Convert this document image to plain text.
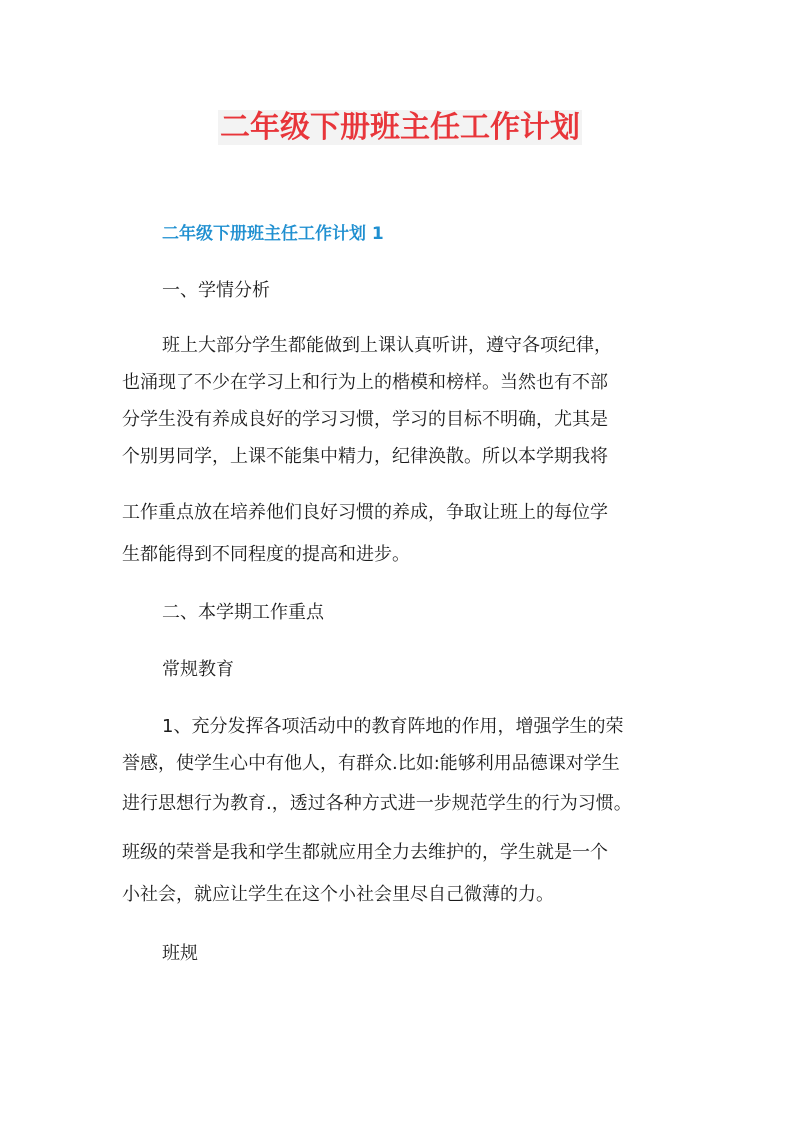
二年级下册班主任工作计划
二年级下册班主任工作计划 1

一、学情分析

班上大部分学生都能做到上课认真听讲，遵守各项纪律，

也涌现了不少在学习上和行为上的楷模和榜样。当然也有不部

分学生没有养成良好的学习习惯，学习的目标不明确，尤其是

个别男同学，上课不能集中精力，纪律涣散。所以本学期我将

工作重点放在培养他们良好习惯的养成，争取让班上的每位学

生都能得到不同程度的提高和进步。

二、本学期工作重点

常规教育

1、充分发挥各项活动中的教育阵地的作用，增强学生的荣

誉感，使学生心中有他人，有群众.比如:能够利用品德课对学生

进行思想行为教育.，透过各种方式进一步规范学生的行为习惯。

班级的荣誉是我和学生都就应用全力去维护的，学生就是一个

小社会，就应让学生在这个小社会里尽自己微薄的力。

班规
